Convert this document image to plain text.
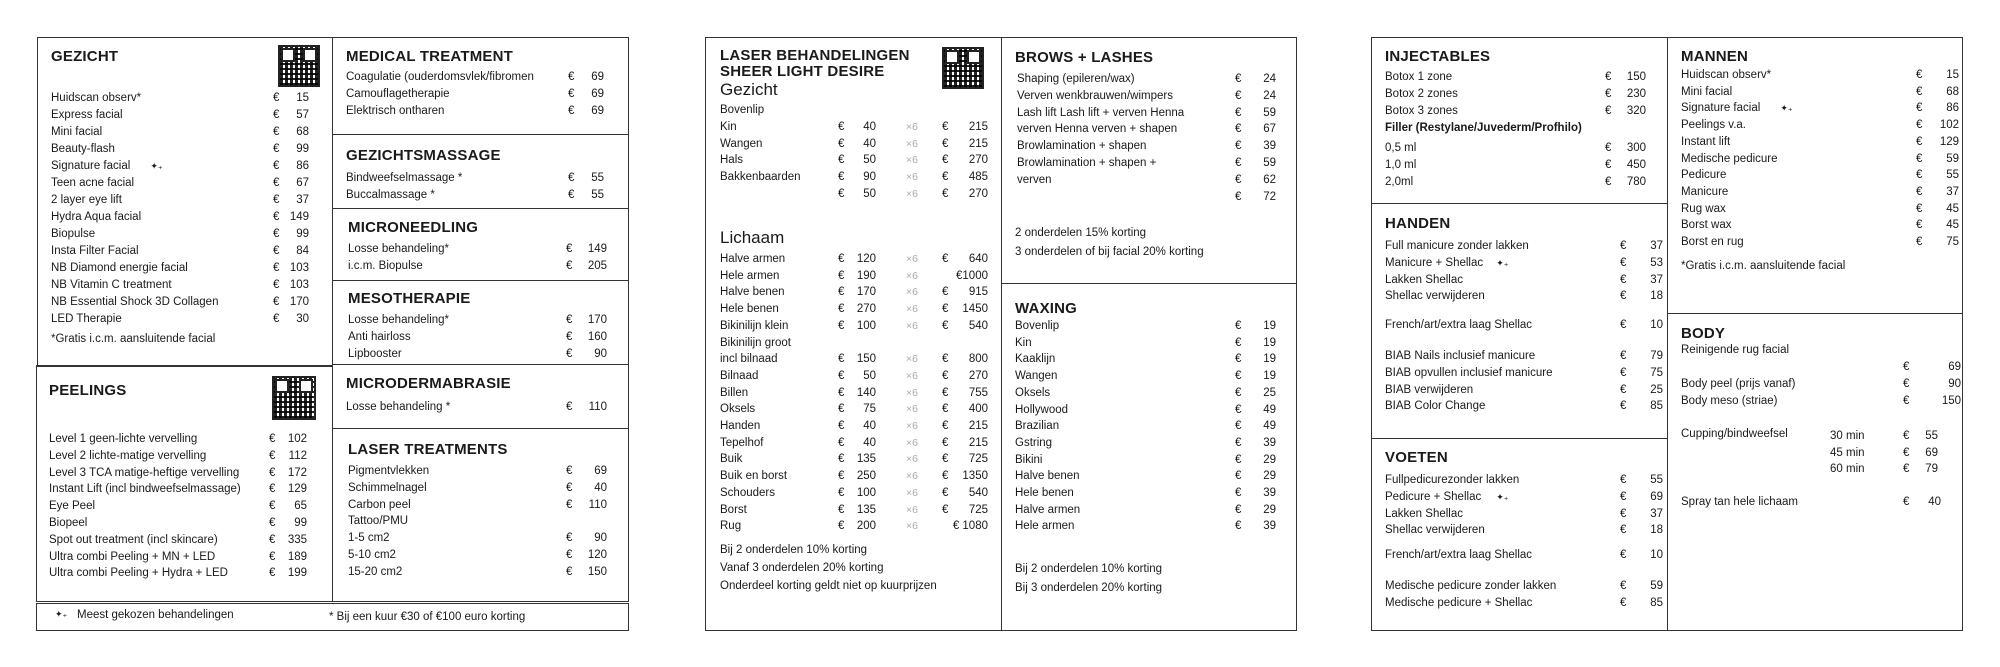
GEZICHT
Huidscan observ*	€	15
Express facial	€	57
Mini facial	€	68
Beauty-flash	€	99
Signature facial ✦₊	€	86
Teen acne facial	€	67
2 layer eye lift	€	37
Hydra Aqua facial	€ 149
Biopulse	€	99
Insta Filter Facial	€	84
NB Diamond energie facial	€ 103
NB Vitamin C treatment	€ 103
NB Essential Shock 3D Collagen	€ 170
LED Therapie	€	30
*Gratis i.c.m. aansluitende facial
PEELINGS
Level 1 geen-lichte vervelling	€ 102
Level 2 lichte-matige vervelling	€	112
Level 3 TCA matige-heftige vervelling	€ 172
Instant Lift (incl bindweefselmassage) € 129
Eye Peel	€	65
Biopeel	€	99
Spot out treatment (incl skincare)	€ 335
Ultra combi Peeling + MN + LED	€ 189
Ultra combi Peeling + Hydra + LED	€ 199
MEDICAL TREATMENT
Coagulatie (ouderdomsvlek/fibromen	€	69
Camouflagetherapie	€	69
Elektrisch ontharen	€	69
GEZICHTSMASSAGE
Bindweefselmassage *	€	55
Buccalmassage *	€	55
MICRONEEDLING
Losse behandeling*	€	149
i.c.m. Biopulse	€	205
MESOTHERAPIE
Losse behandeling*	€	170
Anti hairloss	€	160
Lipbooster	€	90
MICRODERMABRASIE
Losse behandeling *	€	110
LASER TREATMENTS
Pigmentvlekken	€	69
Schimmelnagel	€	40
Carbon peel	€	110
Tattoo/PMU
1-5 cm2	€	90
5-10 cm2	€	120
15-20 cm2	€	150
✦₊ Meest gekozen behandelingen	* Bij een kuur €30 of €100 euro korting
LASER BEHANDELINGEN
SHEER LIGHT DESIRE
Gezicht
Bovenlip
Kin	€	40	×6 €	215
Wangen	€	40	×6 €	215
Hals	€	50	×6 €	270
Bakkenbaarden	€	90	×6 €	485
€	50	×6 €	270
Lichaam
Halve armen	€	120	×6 €	640
Hele armen	€	190	×6	€1000
Halve benen	€	170	×6 €	915
Hele benen	€	270	×6 €	1450
Bikinilijn klein	€	100	×6 €	540
Bikinilijn groot
incl bilnaad	€	150	×6 €	800
Bilnaad	€	50	×6 €	270
Billen	€	140	×6 €	755
Oksels	€	75	×6 €	400
Handen	€	40	×6 €	215
Tepelhof	€	40	×6 €	215
Buik	€	135	×6 €	725
Buik en borst	€	250	×6 €	1350
Schouders	€	100	×6 €	540
Borst	€	135	×6 €	725
Rug	€	200	×6	€ 1080
Bij 2 onderdelen 10% korting
Vanaf 3 onderdelen 20% korting
Onderdeel korting geldt niet op kuurprijzen
BROWS + LASHES
Shaping (epileren/wax)	€	24
Verven wenkbrauwen/wimpers	€	24
Lash lift Lash lift + verven Henna	€	59
verven Henna verven + shapen	€	67
Browlamination + shapen	€	39
Browlamination + shapen +	€	59
verven	€	62
€	72
2 onderdelen 15% korting
3 onderdelen of bij facial 20% korting
WAXING
Bovenlip	€	19
Kin	€	19
Kaaklijn	€	19
Wangen	€	19
Oksels	€	25
Hollywood	€	49
Brazilian	€	49
Gstring	€	39
Bikini	€	29
Halve benen	€	29
Hele benen	€	39
Halve armen	€	29
Hele armen	€	39
Bij 2 onderdelen 10% korting
Bij 3 onderdelen 20% korting
INJECTABLES
Botox 1 zone	€	150
Botox 2 zones	€	230
Botox 3 zones	€	320
Filler (Restylane/Juvederm/Profhilo)
0,5 ml	€	300
1,0 ml	€	450
2,0ml	€	780
HANDEN
Full manicure zonder lakken	€	37
Manicure + Shellac ✦₊	€	53
Lakken Shellac	€	37
Shellac verwijderen	€	18
French/art/extra laag Shellac	€	10
BIAB Nails inclusief manicure	€	79
BIAB opvullen inclusief manicure	€	75
BIAB verwijderen	€	25
BIAB Color Change	€	85
VOETEN
Fullpedicurezonder lakken	€	55
Pedicure + Shellac ✦₊	€	69
Lakken Shellac	€	37
Shellac verwijderen	€	18
French/art/extra laag Shellac	€	10
Medische pedicure zonder lakken	€	59
Medische pedicure + Shellac	€	85
MANNEN
Huidscan observ*	€	15
Mini facial	€	68
Signature facial ✦₊	€	86
Peelings v.a.	€	102
Instant lift	€	129
Medische pedicure	€	59
Pedicure	€	55
Manicure	€	37
Rug wax	€	45
Borst wax	€	45
Borst en rug	€	75
*Gratis i.c.m. aansluitende facial
BODY
Reinigende rug facial
€	69
Body peel (prijs vanaf)	€	90
Body meso (striae)	€	150
Cupping/bindweefsel	30 min	€	55
45 min	€	69
60 min	€	79
Spray tan hele lichaam	€	40
